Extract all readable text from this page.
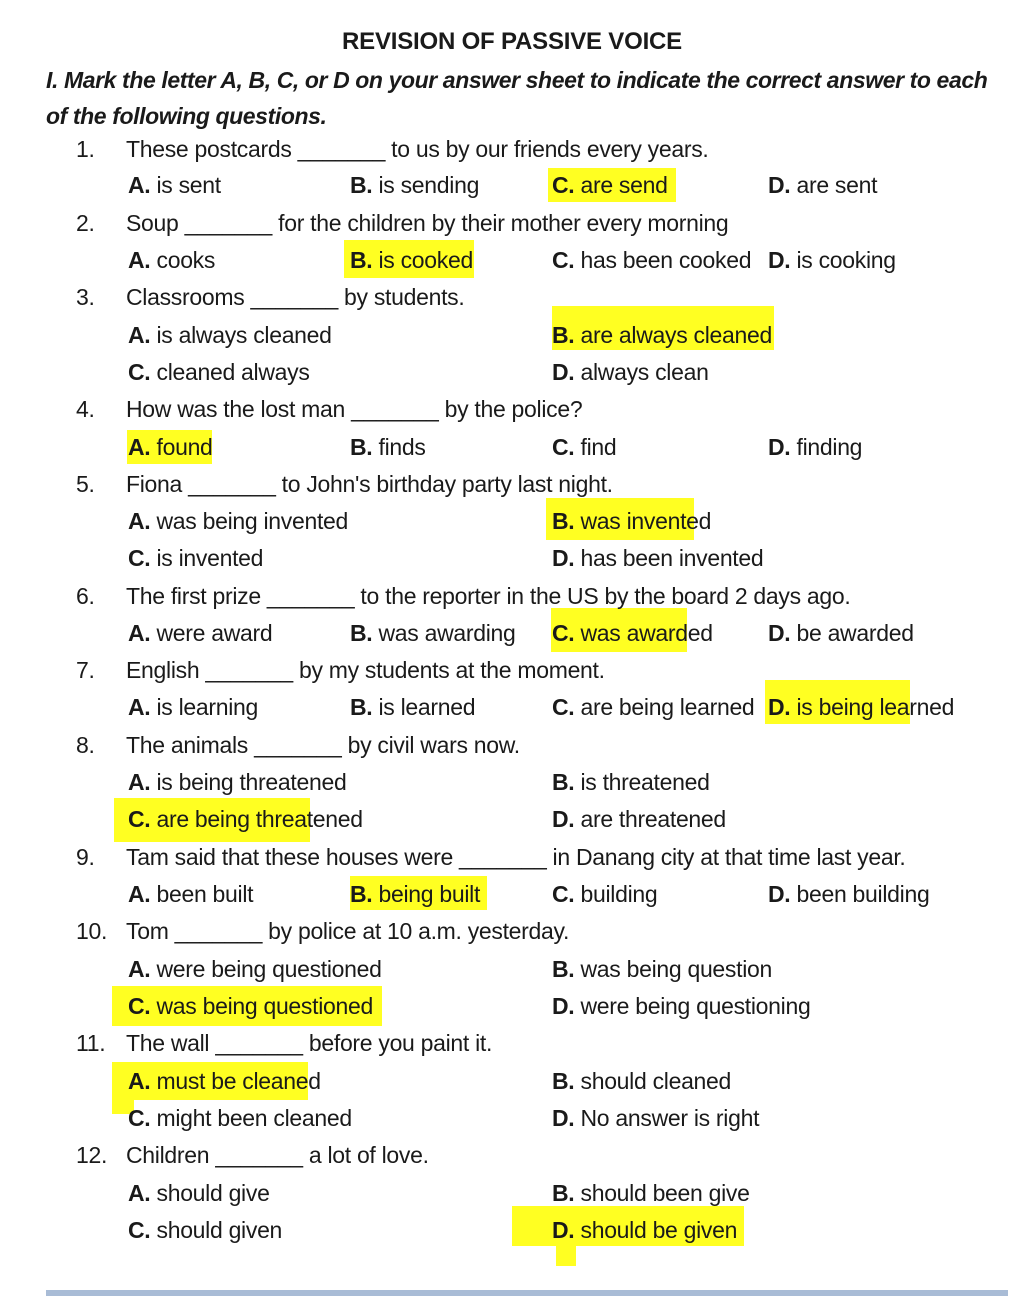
REVISION OF PASSIVE VOICE
I. Mark the letter A, B, C, or D on your answer sheet to indicate the correct answer to each of the following questions.
1.	These postcards _______ to us by our friends every years.
A. is sent	B. is sending	C. are send	D. are sent
2.	Soup _______ for the children by their mother every morning
A. cooks	B. is cooked	C. has been cooked D. is cooking
3.	Classrooms _______ by students.
A. is always cleaned	B. are always cleaned
C. cleaned always	D. always clean
4.	How was the lost man _______ by the police?
A. found	B. finds	C. find	D. finding
5.	Fiona _______ to John's birthday party last night.
A. was being invented	B. was invented
C. is invented	D. has been invented
6.	The first prize _______ to the reporter in the US by the board 2 days ago.
A. were award	B. was awarding C. was awarded D. be awarded
7.	English _______ by my students at the moment.
A. is learning	B. is learned	C. are being learned D. is being learned
8.	The animals _______ by civil wars now.
A. is being threatened	B. is threatened
C. are being threatened	D. are threatened
9.	Tam said that these houses were _______ in Danang city at that time last year.
A. been built	B. being built	C. building	D. been building
10. Tom _______ by police at 10 a.m. yesterday.
A. were being questioned	B. was being question
C. was being questioned	D. were being questioning
11. The wall _______ before you paint it.
A. must be cleaned	B. should cleaned
C. might been cleaned	D. No answer is right
12. Children _______ a lot of love.
A. should give	B. should been give
C. should given	D. should be given
